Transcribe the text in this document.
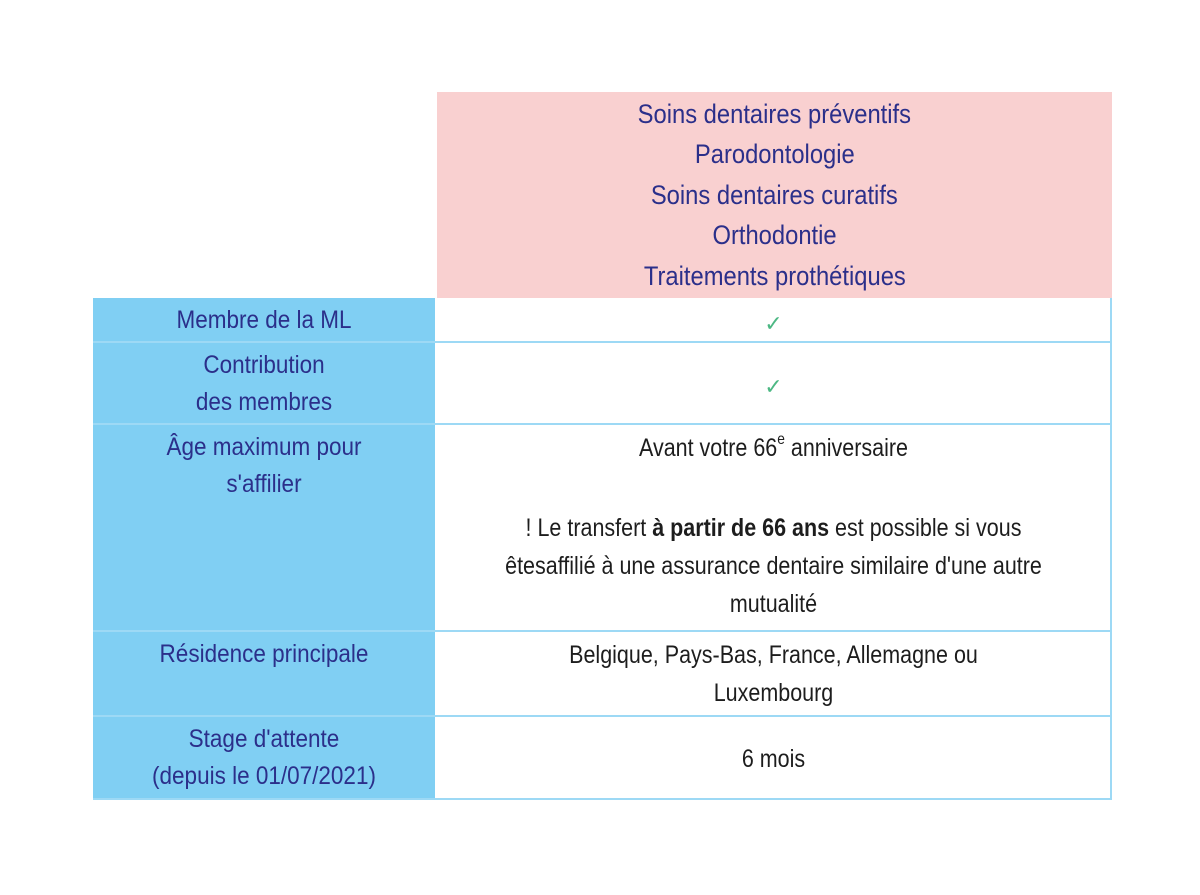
Soins dentaires préventifs
Parodontologie
Soins dentaires curatifs
Orthodontie
Traitements prothétiques
Membre de la ML	✓
Contribution
des membres
✓
Âge maximum pour
s'affilier
Avant votre 66e anniversaire
! Le transfert à partir de 66 ans est possible si vous
êtesaffilié à une assurance dentaire similaire d'une autre
mutualité
Résidence principale	Belgique, Pays-Bas, France, Allemagne ou
Luxembourg
Stage d'attente
(depuis le 01/07/2021)
6 mois
